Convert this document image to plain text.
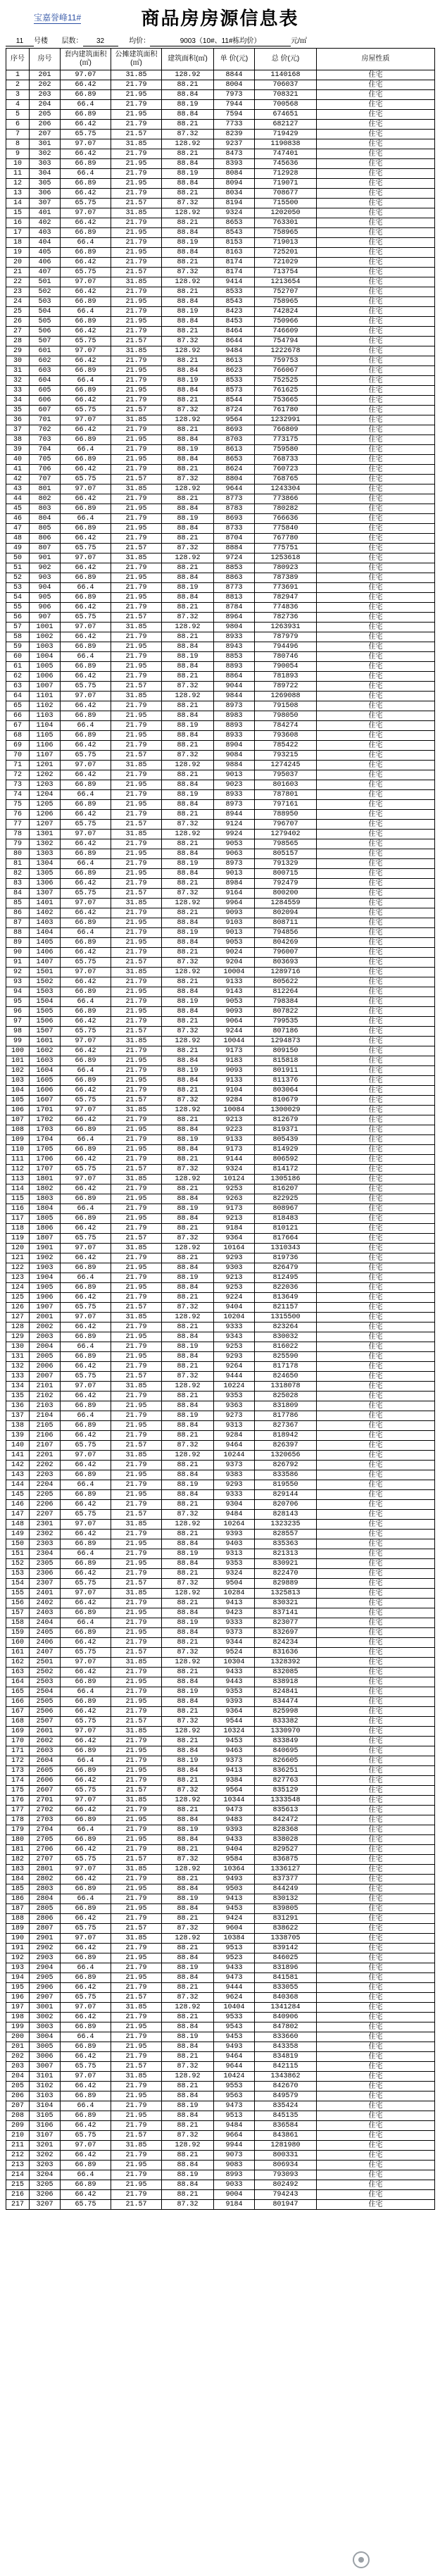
宝嘉誉峰11#	商品房房源信息表
11 号楼 层数： 32	均价：	9003（10#、11#栋均价）	元/㎡
序号	房号	套内建筑面积(㎡)	公摊建筑面积(㎡)	建筑面积(㎡)	单 价(元)	总 价(元)	房屋性质
1	201	97.07	31.85	128.92	8844	1140168	住宅
2	202	66.42	21.79	88.21	8004	706037	住宅
3	203	66.89	21.95	88.84	7973	708321	住宅
4	204	66.4	21.79	88.19	7944	700568	住宅
5	205	66.89	21.95	88.84	7594	674651	住宅
6	206	66.42	21.79	88.21	7733	682127	住宅
7	207	65.75	21.57	87.32	8239	719429	住宅
8	301	97.07	31.85	128.92	9237	1190838	住宅
9	302	66.42	21.79	88.21	8473	747401	住宅
10	303	66.89	21.95	88.84	8393	745636	住宅
11	304	66.4	21.79	88.19	8084	712928	住宅
12	305	66.89	21.95	88.84	8094	719071	住宅
13	306	66.42	21.79	88.21	8034	708677	住宅
14	307	65.75	21.57	87.32	8194	715500	住宅
15	401	97.07	31.85	128.92	9324	1202050	住宅
16	402	66.42	21.79	88.21	8653	763301	住宅
17	403	66.89	21.95	88.84	8543	758965	住宅
18	404	66.4	21.79	88.19	8153	719013	住宅
19	405	66.89	21.95	88.84	8163	725201	住宅
20	406	66.42	21.79	88.21	8174	721029	住宅
21	407	65.75	21.57	87.32	8174	713754	住宅
22	501	97.07	31.85	128.92	9414	1213654	住宅
23	502	66.42	21.79	88.21	8533	752707	住宅
24	503	66.89	21.95	88.84	8543	758965	住宅
25	504	66.4	21.79	88.19	8423	742824	住宅
26	505	66.89	21.95	88.84	8453	750966	住宅
27	506	66.42	21.79	88.21	8464	746609	住宅
28	507	65.75	21.57	87.32	8644	754794	住宅
29	601	97.07	31.85	128.92	9484	1222678	住宅
30	602	66.42	21.79	88.21	8613	759753	住宅
31	603	66.89	21.95	88.84	8623	766067	住宅
32	604	66.4	21.79	88.19	8533	752525	住宅
33	605	66.89	21.95	88.84	8573	761625	住宅
34	606	66.42	21.79	88.21	8544	753665	住宅
35	607	65.75	21.57	87.32	8724	761780	住宅
36	701	97.07	31.85	128.92	9564	1232991	住宅
37	702	66.42	21.79	88.21	8693	766809	住宅
38	703	66.89	21.95	88.84	8703	773175	住宅
39	704	66.4	21.79	88.19	8613	759580	住宅
40	705	66.89	21.95	88.84	8653	768733	住宅
41	706	66.42	21.79	88.21	8624	760723	住宅
42	707	65.75	21.57	87.32	8804	768765	住宅
43	801	97.07	31.85	128.92	9644	1243304	住宅
44	802	66.42	21.79	88.21	8773	773866	住宅
45	803	66.89	21.95	88.84	8783	780282	住宅
46	804	66.4	21.79	88.19	8693	766636	住宅
47	805	66.89	21.95	88.84	8733	775840	住宅
48	806	66.42	21.79	88.21	8704	767780	住宅
49	807	65.75	21.57	87.32	8884	775751	住宅
50	901	97.07	31.85	128.92	9724	1253618	住宅
51	902	66.42	21.79	88.21	8853	780923	住宅
52	903	66.89	21.95	88.84	8863	787389	住宅
53	904	66.4	21.79	88.19	8773	773691	住宅
54	905	66.89	21.95	88.84	8813	782947	住宅
55	906	66.42	21.79	88.21	8784	774836	住宅
56	907	65.75	21.57	87.32	8964	782736	住宅
57	1001	97.07	31.85	128.92	9804	1263931	住宅
58	1002	66.42	21.79	88.21	8933	787979	住宅
59	1003	66.89	21.95	88.84	8943	794496	住宅
60	1004	66.4	21.79	88.19	8853	780746	住宅
61	1005	66.89	21.95	88.84	8893	790054	住宅
62	1006	66.42	21.79	88.21	8864	781893	住宅
63	1007	65.75	21.57	87.32	9044	789722	住宅
64	1101	97.07	31.85	128.92	9844	1269088	住宅
65	1102	66.42	21.79	88.21	8973	791508	住宅
66	1103	66.89	21.95	88.84	8983	798050	住宅
67	1104	66.4	21.79	88.19	8893	784274	住宅
68	1105	66.89	21.95	88.84	8933	793608	住宅
69	1106	66.42	21.79	88.21	8904	785422	住宅
70	1107	65.75	21.57	87.32	9084	793215	住宅
71	1201	97.07	31.85	128.92	9884	1274245	住宅
72	1202	66.42	21.79	88.21	9013	795037	住宅
73	1203	66.89	21.95	88.84	9023	801603	住宅
74	1204	66.4	21.79	88.19	8933	787801	住宅
75	1205	66.89	21.95	88.84	8973	797161	住宅
76	1206	66.42	21.79	88.21	8944	788950	住宅
77	1207	65.75	21.57	87.32	9124	796707	住宅
78	1301	97.07	31.85	128.92	9924	1279402	住宅
79	1302	66.42	21.79	88.21	9053	798565	住宅
80	1303	66.89	21.95	88.84	9063	805157	住宅
81	1304	66.4	21.79	88.19	8973	791329	住宅
82	1305	66.89	21.95	88.84	9013	800715	住宅
83	1306	66.42	21.79	88.21	8984	792479	住宅
84	1307	65.75	21.57	87.32	9164	800200	住宅
85	1401	97.07	31.85	128.92	9964	1284559	住宅
86	1402	66.42	21.79	88.21	9093	802094	住宅
87	1403	66.89	21.95	88.84	9103	808711	住宅
88	1404	66.4	21.79	88.19	9013	794856	住宅
89	1405	66.89	21.95	88.84	9053	804269	住宅
90	1406	66.42	21.79	88.21	9024	796007	住宅
91	1407	65.75	21.57	87.32	9204	803693	住宅
92	1501	97.07	31.85	128.92	10004	1289716	住宅
93	1502	66.42	21.79	88.21	9133	805622	住宅
94	1503	66.89	21.95	88.84	9143	812264	住宅
95	1504	66.4	21.79	88.19	9053	798384	住宅
96	1505	66.89	21.95	88.84	9093	807822	住宅
97	1506	66.42	21.79	88.21	9064	799535	住宅
98	1507	65.75	21.57	87.32	9244	807186	住宅
99	1601	97.07	31.85	128.92	10044	1294873	住宅
100	1602	66.42	21.79	88.21	9173	809150	住宅
101	1603	66.89	21.95	88.84	9183	815818	住宅
102	1604	66.4	21.79	88.19	9093	801911	住宅
103	1605	66.89	21.95	88.84	9133	811376	住宅
104	1606	66.42	21.79	88.21	9104	803064	住宅
105	1607	65.75	21.57	87.32	9284	810679	住宅
106	1701	97.07	31.85	128.92	10084	1300029	住宅
107	1702	66.42	21.79	88.21	9213	812679	住宅
108	1703	66.89	21.95	88.84	9223	819371	住宅
109	1704	66.4	21.79	88.19	9133	805439	住宅
110	1705	66.89	21.95	88.84	9173	814929	住宅
111	1706	66.42	21.79	88.21	9144	806592	住宅
112	1707	65.75	21.57	87.32	9324	814172	住宅
113	1801	97.07	31.85	128.92	10124	1305186	住宅
114	1802	66.42	21.79	88.21	9253	816207	住宅
115	1803	66.89	21.95	88.84	9263	822925	住宅
116	1804	66.4	21.79	88.19	9173	808967	住宅
117	1805	66.89	21.95	88.84	9213	818483	住宅
118	1806	66.42	21.79	88.21	9184	810121	住宅
119	1807	65.75	21.57	87.32	9364	817664	住宅
120	1901	97.07	31.85	128.92	10164	1310343	住宅
121	1902	66.42	21.79	88.21	9293	819736	住宅
122	1903	66.89	21.95	88.84	9303	826479	住宅
123	1904	66.4	21.79	88.19	9213	812495	住宅
124	1905	66.89	21.95	88.84	9253	822036	住宅
125	1906	66.42	21.79	88.21	9224	813649	住宅
126	1907	65.75	21.57	87.32	9404	821157	住宅
127	2001	97.07	31.85	128.92	10204	1315500	住宅
128	2002	66.42	21.79	88.21	9333	823264	住宅
129	2003	66.89	21.95	88.84	9343	830032	住宅
130	2004	66.4	21.79	88.19	9253	816022	住宅
131	2005	66.89	21.95	88.84	9293	825590	住宅
132	2006	66.42	21.79	88.21	9264	817178	住宅
133	2007	65.75	21.57	87.32	9444	824650	住宅
134	2101	97.07	31.85	128.92	10224	1318078	住宅
135	2102	66.42	21.79	88.21	9353	825028	住宅
136	2103	66.89	21.95	88.84	9363	831809	住宅
137	2104	66.4	21.79	88.19	9273	817786	住宅
138	2105	66.89	21.95	88.84	9313	827367	住宅
139	2106	66.42	21.79	88.21	9284	818942	住宅
140	2107	65.75	21.57	87.32	9464	826397	住宅
141	2201	97.07	31.85	128.92	10244	1320656	住宅
142	2202	66.42	21.79	88.21	9373	826792	住宅
143	2203	66.89	21.95	88.84	9383	833586	住宅
144	2204	66.4	21.79	88.19	9293	819550	住宅
145	2205	66.89	21.95	88.84	9333	829144	住宅
146	2206	66.42	21.79	88.21	9304	820706	住宅
147	2207	65.75	21.57	87.32	9484	828143	住宅
148	2301	97.07	31.85	128.92	10264	1323235	住宅
149	2302	66.42	21.79	88.21	9393	828557	住宅
150	2303	66.89	21.95	88.84	9403	835363	住宅
151	2304	66.4	21.79	88.19	9313	821313	住宅
152	2305	66.89	21.95	88.84	9353	830921	住宅
153	2306	66.42	21.79	88.21	9324	822470	住宅
154	2307	65.75	21.57	87.32	9504	829889	住宅
155	2401	97.07	31.85	128.92	10284	1325813	住宅
156	2402	66.42	21.79	88.21	9413	830321	住宅
157	2403	66.89	21.95	88.84	9423	837141	住宅
158	2404	66.4	21.79	88.19	9333	823077	住宅
159	2405	66.89	21.95	88.84	9373	832697	住宅
160	2406	66.42	21.79	88.21	9344	824234	住宅
161	2407	65.75	21.57	87.32	9524	831636	住宅
162	2501	97.07	31.85	128.92	10304	1328392	住宅
163	2502	66.42	21.79	88.21	9433	832085	住宅
164	2503	66.89	21.95	88.84	9443	838918	住宅
165	2504	66.4	21.79	88.19	9353	824841	住宅
166	2505	66.89	21.95	88.84	9393	834474	住宅
167	2506	66.42	21.79	88.21	9364	825998	住宅
168	2507	65.75	21.57	87.32	9544	833382	住宅
169	2601	97.07	31.85	128.92	10324	1330970	住宅
170	2602	66.42	21.79	88.21	9453	833849	住宅
171	2603	66.89	21.95	88.84	9463	840695	住宅
172	2604	66.4	21.79	88.19	9373	826605	住宅
173	2605	66.89	21.95	88.84	9413	836251	住宅
174	2606	66.42	21.79	88.21	9384	827763	住宅
175	2607	65.75	21.57	87.32	9564	835129	住宅
176	2701	97.07	31.85	128.92	10344	1333548	住宅
177	2702	66.42	21.79	88.21	9473	835613	住宅
178	2703	66.89	21.95	88.84	9483	842472	住宅
179	2704	66.4	21.79	88.19	9393	828368	住宅
180	2705	66.89	21.95	88.84	9433	838028	住宅
181	2706	66.42	21.79	88.21	9404	829527	住宅
182	2707	65.75	21.57	87.32	9584	836875	住宅
183	2801	97.07	31.85	128.92	10364	1336127	住宅
184	2802	66.42	21.79	88.21	9493	837377	住宅
185	2803	66.89	21.95	88.84	9503	844249	住宅
186	2804	66.4	21.79	88.19	9413	830132	住宅
187	2805	66.89	21.95	88.84	9453	839805	住宅
188	2806	66.42	21.79	88.21	9424	831291	住宅
189	2807	65.75	21.57	87.32	9604	838622	住宅
190	2901	97.07	31.85	128.92	10384	1338705	住宅
191	2902	66.42	21.79	88.21	9513	839142	住宅
192	2903	66.89	21.95	88.84	9523	846025	住宅
193	2904	66.4	21.79	88.19	9433	831896	住宅
194	2905	66.89	21.95	88.84	9473	841581	住宅
195	2906	66.42	21.79	88.21	9444	833055	住宅
196	2907	65.75	21.57	87.32	9624	840368	住宅
197	3001	97.07	31.85	128.92	10404	1341284	住宅
198	3002	66.42	21.79	88.21	9533	840906	住宅
199	3003	66.89	21.95	88.84	9543	847802	住宅
200	3004	66.4	21.79	88.19	9453	833660	住宅
201	3005	66.89	21.95	88.84	9493	843358	住宅
202	3006	66.42	21.79	88.21	9464	834819	住宅
203	3007	65.75	21.57	87.32	9644	842115	住宅
204	3101	97.07	31.85	128.92	10424	1343862	住宅
205	3102	66.42	21.79	88.21	9553	842670	住宅
206	3103	66.89	21.95	88.84	9563	849579	住宅
207	3104	66.4	21.79	88.19	9473	835424	住宅
208	3105	66.89	21.95	88.84	9513	845135	住宅
209	3106	66.42	21.79	88.21	9484	836584	住宅
210	3107	65.75	21.57	87.32	9664	843861	住宅
211	3201	97.07	31.85	128.92	9944	1281980	住宅
212	3202	66.42	21.79	88.21	9073	800331	住宅
213	3203	66.89	21.95	88.84	9083	806934	住宅
214	3204	66.4	21.79	88.19	8993	793093	住宅
215	3205	66.89	21.95	88.84	9033	802492	住宅
216	3206	66.42	21.79	88.21	9004	794243	住宅
217	3207	65.75	21.57	87.32	9184	801947	住宅
